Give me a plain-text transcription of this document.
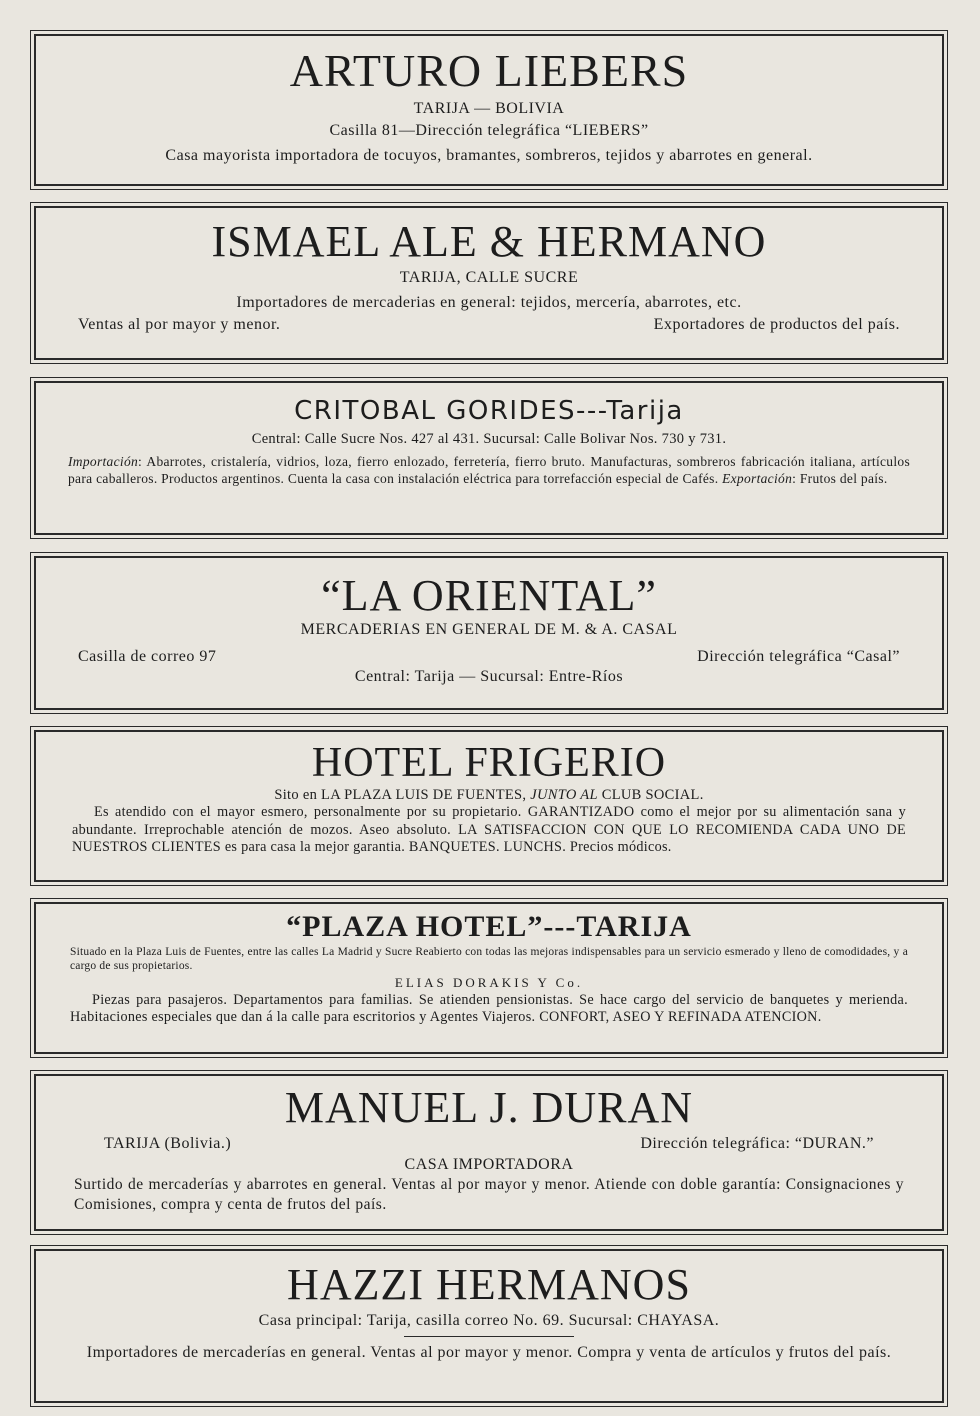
ARTURO LIEBERS
TARIJA — BOLIVIA
Casilla 81—Dirección telegráfica “LIEBERS”
Casa mayorista importadora de tocuyos, bramantes, sombreros, tejidos y abarrotes en general.
ISMAEL ALE & HERMANO
TARIJA, CALLE SUCRE
Importadores de mercaderias en general: tejidos, mercería, abarrotes, etc.
Ventas al por mayor y menor.	Exportadores de productos del país.
CRITOBAL GORIDES---Tarija
Central: Calle Sucre Nos. 427 al 431. Sucursal: Calle Bolivar Nos. 730 y 731.
Importación: Abarrotes, cristalería, vidrios, loza, fierro enlozado, ferretería, fierro bruto. Manufacturas, sombreros fabricación italiana, artículos para caballeros. Productos argentinos. Cuenta la casa con instalación eléctrica para torrefacción especial de Cafés. Exportación: Frutos del país.
“LA ORIENTAL”
MERCADERIAS EN GENERAL DE M. & A. CASAL
Casilla de correo 97	Dirección telegráfica “Casal”
Central: Tarija — Sucursal: Entre-Ríos
HOTEL FRIGERIO
Sito en LA PLAZA LUIS DE FUENTES, JUNTO AL CLUB SOCIAL.
Es atendido con el mayor esmero, personalmente por su propietario. GARANTIZADO como el mejor por su alimentación sana y abundante. Irreprochable atención de mozos. Aseo absoluto. LA SATISFACCION CON QUE LO RECOMIENDA CADA UNO DE NUESTROS CLIENTES es para casa la mejor garantia. BANQUETES. LUNCHS. Precios módicos.
“PLAZA HOTEL”---TARIJA
Situado en la Plaza Luis de Fuentes, entre las calles La Madrid y Sucre Reabierto con todas las mejoras indispensables para un servicio esmerado y lleno de comodidades, y a cargo de sus propietarios.
ELIAS DORAKIS Y Co.
Piezas para pasajeros. Departamentos para familias. Se atienden pensionistas. Se hace cargo del servicio de banquetes y merienda. Habitaciones especiales que dan á la calle para escritorios y Agentes Viajeros. CONFORT, ASEO Y REFINADA ATENCION.
MANUEL J. DURAN
TARIJA (Bolivia.)	Dirección telegráfica: “DURAN.”
CASA IMPORTADORA
Surtido de mercaderías y abarrotes en general. Ventas al por mayor y menor. Atiende con doble garantía: Consignaciones y Comisiones, compra y centa de frutos del país.
HAZZI HERMANOS
Casa principal: Tarija, casilla correo No. 69. Sucursal: CHAYASA.
Importadores de mercaderías en general. Ventas al por mayor y menor. Compra y venta de artículos y frutos del país.
